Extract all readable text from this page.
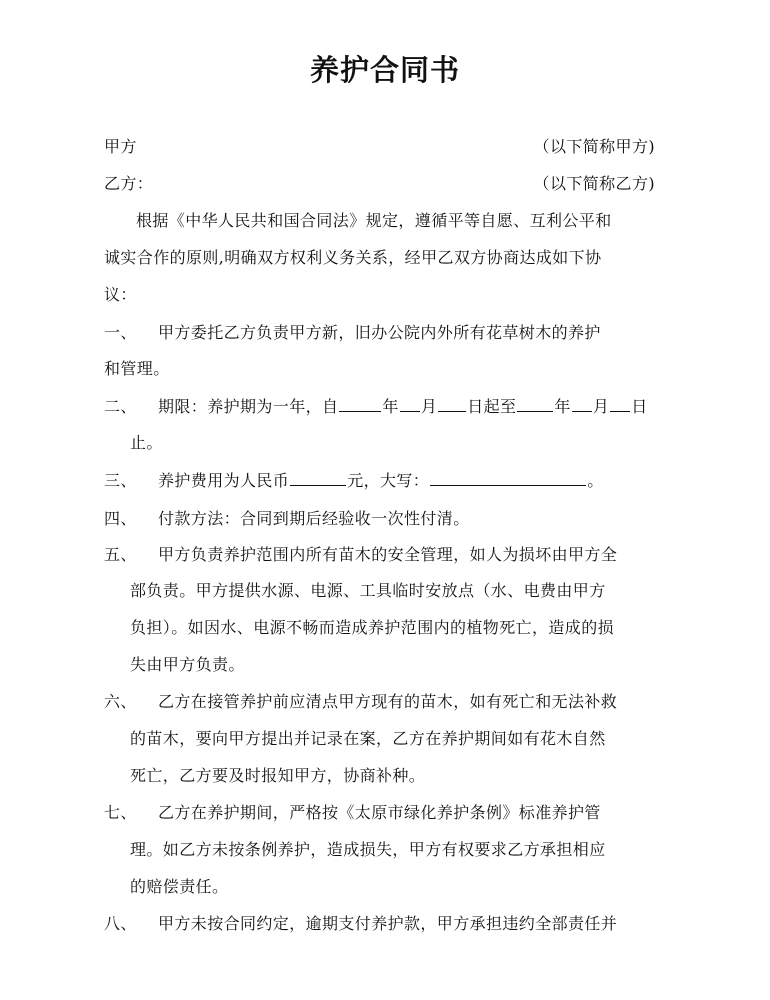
养护合同书
甲方	（以下简称甲方)
乙方：	（以下简称乙方)
根据《中华人民共和国合同法》规定，遵循平等自愿、互利公平和
诚实合作的原则,明确双方权利义务关系，经甲乙双方协商达成如下协
议：
一、 甲方委托乙方负责甲方新，旧办公院内外所有花草树木的养护
和管理。
二、 期限：养护期为一年，自	年 月 日起至 年 月 日
止。
三、 养护费用为人民币	元，大写：	。
四、 付款方法：合同到期后经验收一次性付清。
五、 甲方负责养护范围内所有苗木的安全管理，如人为损坏由甲方全
部负责。甲方提供水源、电源、工具临时安放点（水、电费由甲方
负担）。如因水、电源不畅而造成养护范围内的植物死亡，造成的损
失由甲方负责。
六、 乙方在接管养护前应清点甲方现有的苗木，如有死亡和无法补救
的苗木，要向甲方提出并记录在案，乙方在养护期间如有花木自然
死亡，乙方要及时报知甲方，协商补种。
七、 乙方在养护期间，严格按《太原市绿化养护条例》标准养护管
理。如乙方未按条例养护，造成损失，甲方有权要求乙方承担相应
的赔偿责任。
八、 甲方未按合同约定，逾期支付养护款，甲方承担违约全部责任并
